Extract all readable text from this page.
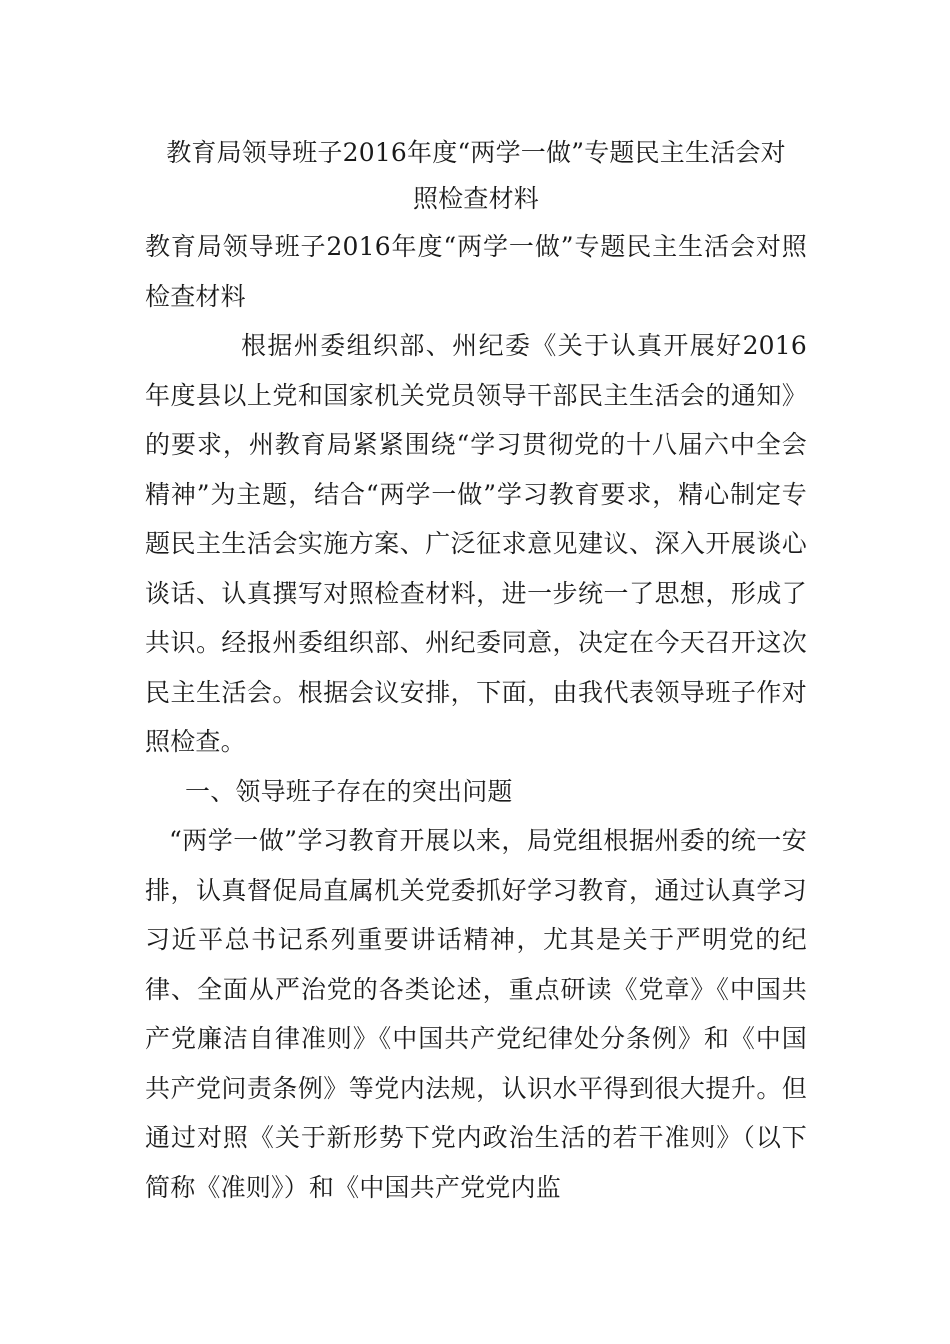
教育局领导班子2016年度“两学一做”专题民主生活会对
照检查材料

教育局领导班子2016年度“两学一做”专题民主生活会对照检查材料

根据州委组织部、州纪委《关于认真开展好2016年度县以上党和国家机关党员领导干部民主生活会的通知》的要求，州教育局紧紧围绕“学习贯彻党的十八届六中全会精神”为主题，结合“两学一做”学习教育要求，精心制定专题民主生活会实施方案、广泛征求意见建议、深入开展谈心谈话、认真撰写对照检查材料，进一步统一了思想，形成了共识。经报州委组织部、州纪委同意，决定在今天召开这次民主生活会。根据会议安排，下面，由我代表领导班子作对照检查。

一、领导班子存在的突出问题

“两学一做”学习教育开展以来，局党组根据州委的统一安排，认真督促局直属机关党委抓好学习教育，通过认真学习习近平总书记系列重要讲话精神，尤其是关于严明党的纪律、全面从严治党的各类论述，重点研读《党章》《中国共产党廉洁自律准则》《中国共产党纪律处分条例》和《中国共产党问责条例》等党内法规，认识水平得到很大提升。但通过对照《关于新形势下党内政治生活的若干准则》（以下简称《准则》）和《中国共产党党内监
